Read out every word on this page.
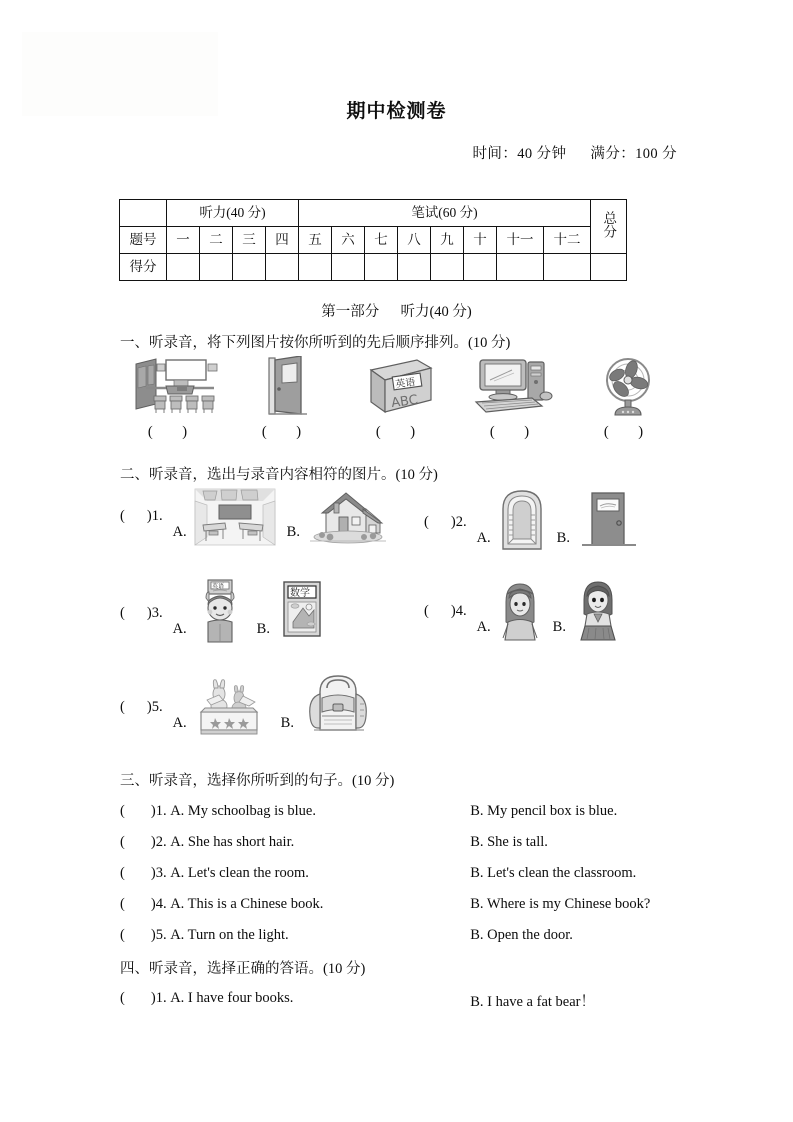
期中检测卷
时间：40 分钟 满分：100 分
	听力(40 分)				笔试(60 分)								总分
题号	一	二	三	四	五	六	七	八	九	十	十一	十二	
得分													
第一部分 听力(40 分)
一、听录音，将下列图片按你所听到的先后顺序排列。(10 分)
( )	( )
英语
ABC
( )	( )	( )
二、听录音，选出与录音内容相符的图片。(10 分)
( )1.
A.	B.
( )2.
A.	B.
( )3.
A.
英语
B.
数学
( )4.
A.	B.
( )5.
A.	B.
三、听录音，选择你所听到的句子。(10 分)
( )1. A. My schoolbag is blue.	B. My pencil box is blue.
( )2. A. She has short hair.	B. She is tall.
( )3. A. Let's clean the room.	B. Let's clean the classroom.
( )4. A. This is a Chinese book.	B. Where is my Chinese book?
( )5. A. Turn on the light.	B. Open the door.
四、听录音，选择正确的答语。(10 分)
( )1. A. I have four books.	B. I have a fat bear！
